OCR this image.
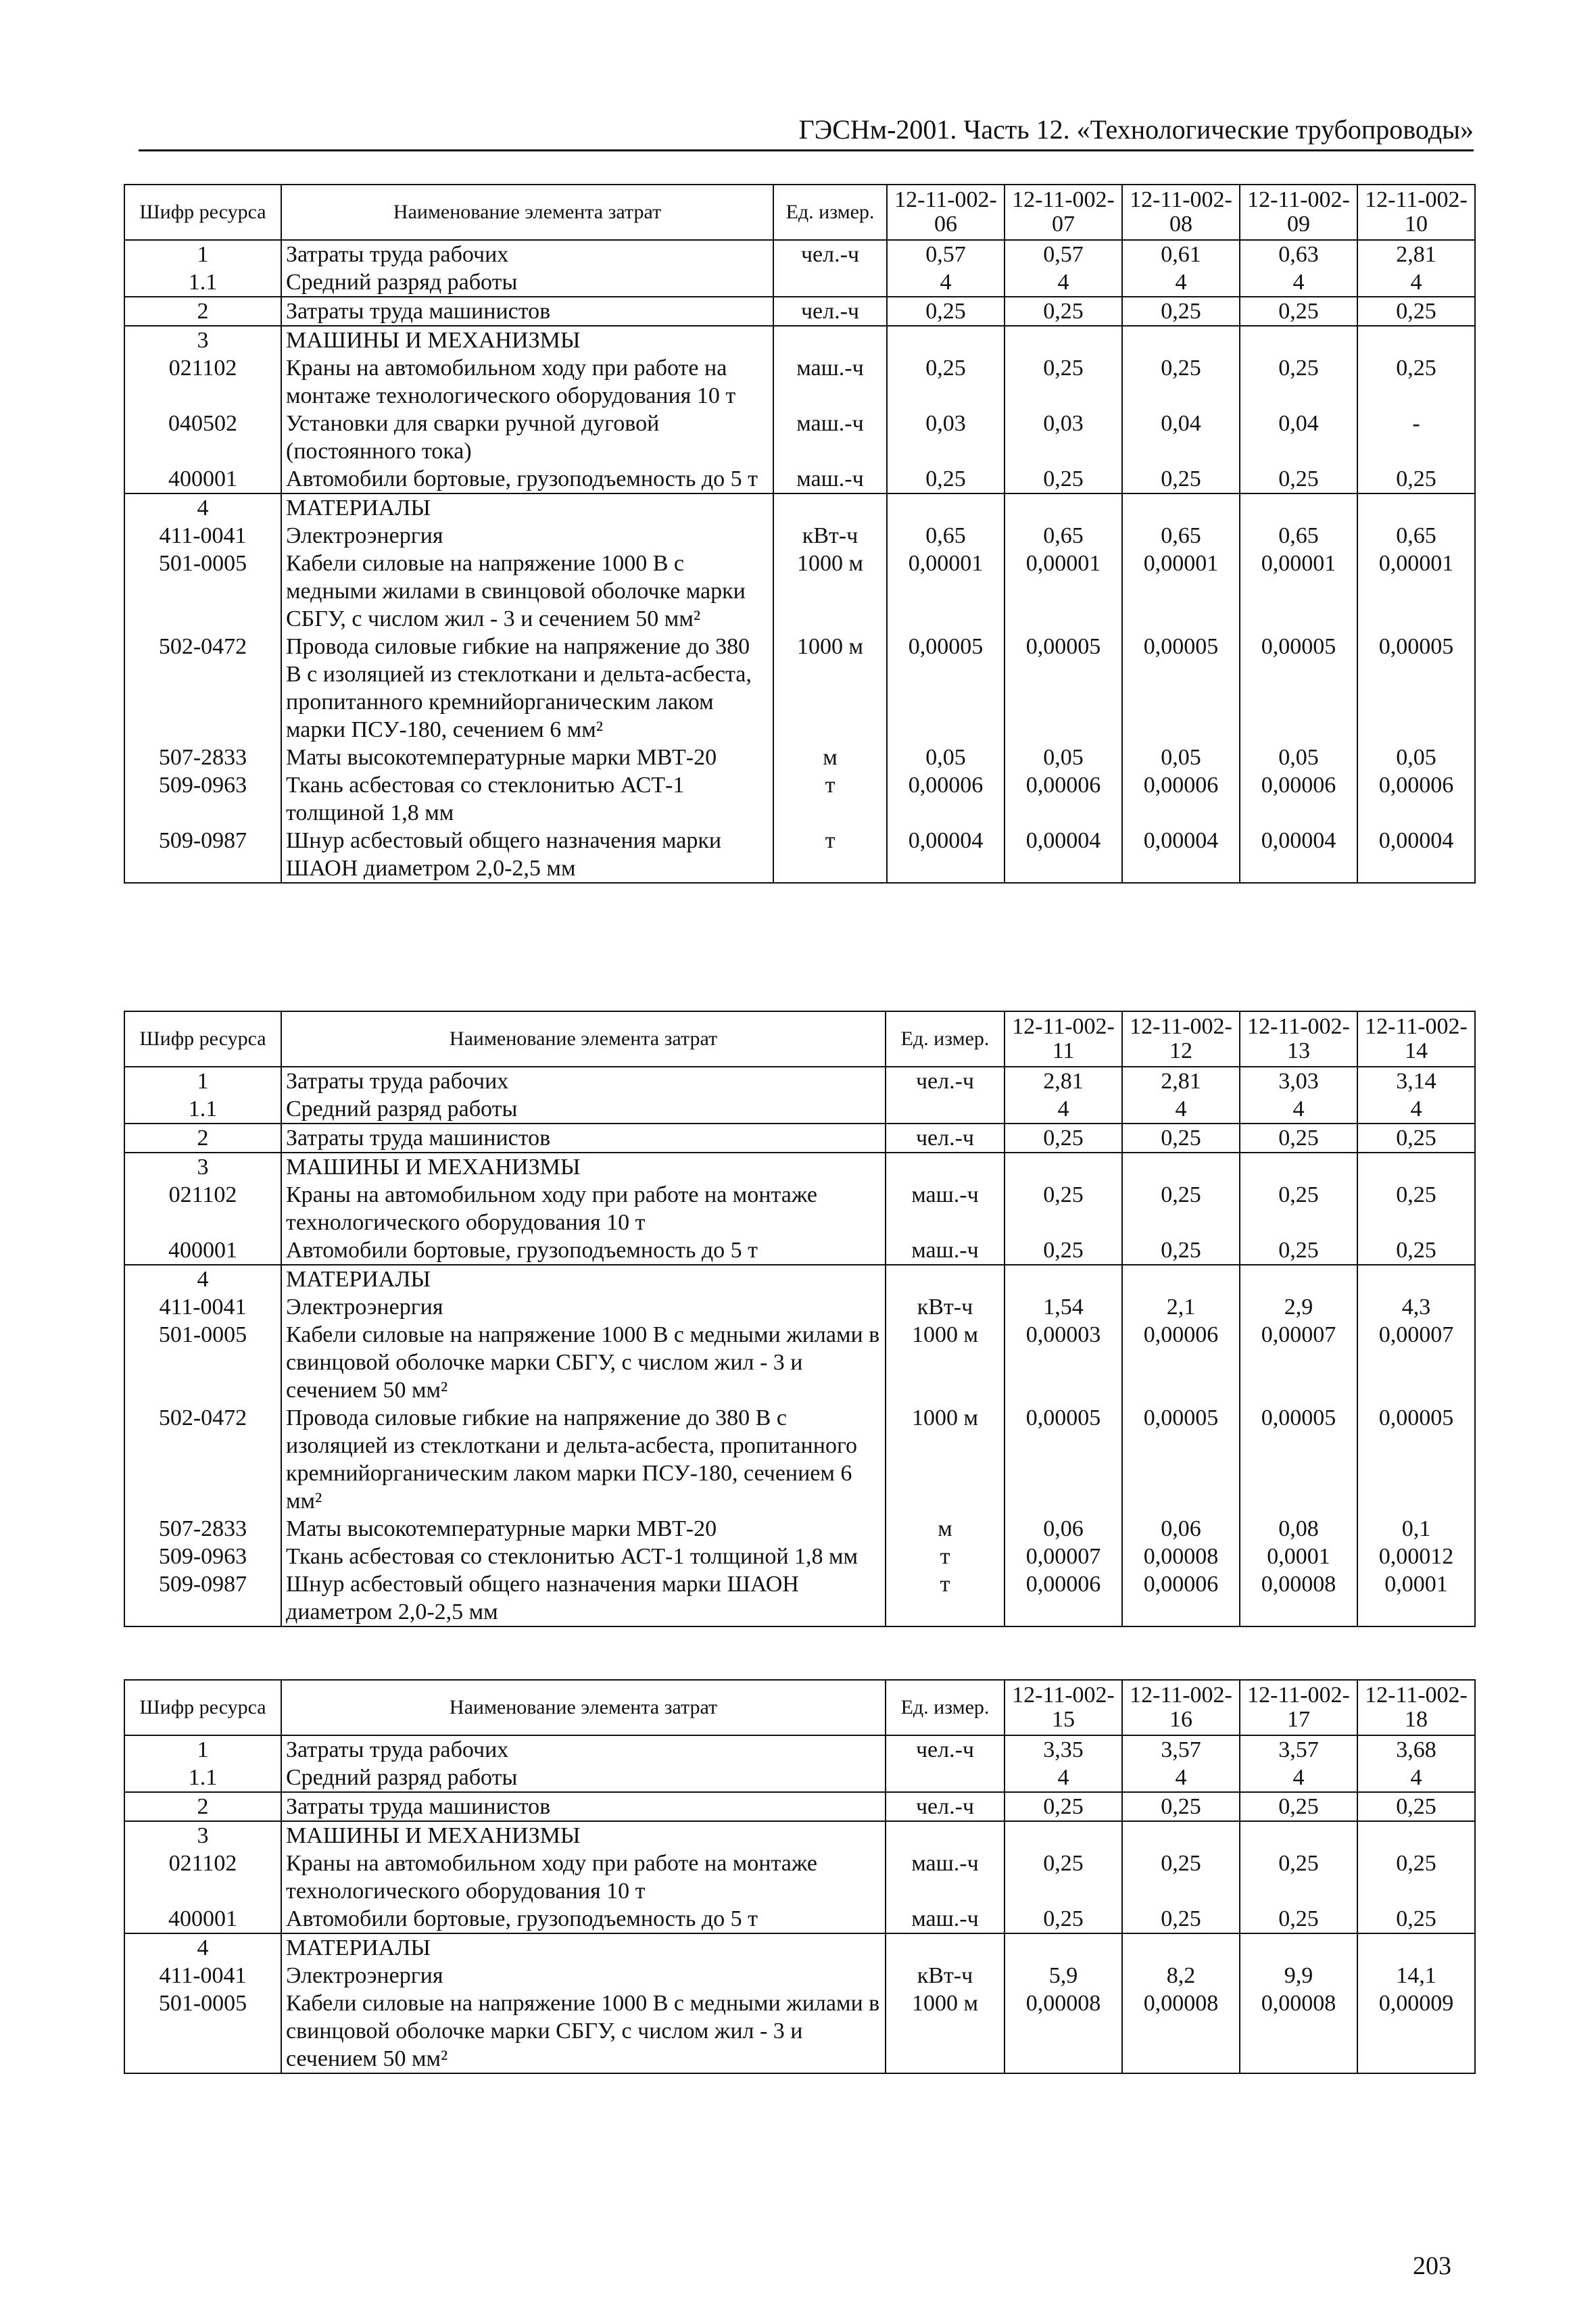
ГЭСНм-2001. Часть 12. «Технологические трубопроводы»
Шифр ресурса	Наименование элемента затрат	Ед. измер.	12-11-002-06	12-11-002-07	12-11-002-08	12-11-002-09	12-11-002-10
1	Затраты труда рабочих	чел.-ч	0,57	0,57	0,61	0,63	2,81
1.1	Средний разряд работы		4	4	4	4	4
2	Затраты труда машинистов	чел.-ч	0,25	0,25	0,25	0,25	0,25
3	МАШИНЫ И МЕХАНИЗМЫ						
021102	Краны на автомобильном ходу при работе на монтаже технологического оборудования 10 т	маш.-ч	0,25	0,25	0,25	0,25	0,25
040502	Установки для сварки ручной дуговой (постоянного тока)	маш.-ч	0,03	0,03	0,04	0,04	-
400001	Автомобили бортовые, грузоподъемность до 5 т	маш.-ч	0,25	0,25	0,25	0,25	0,25
4	МАТЕРИАЛЫ						
411-0041	Электроэнергия	кВт-ч	0,65	0,65	0,65	0,65	0,65
501-0005	Кабели силовые на напряжение 1000 В с медными жилами в свинцовой оболочке марки СБГУ, с числом жил - 3 и сечением 50 мм²	1000 м	0,00001	0,00001	0,00001	0,00001	0,00001
502-0472	Провода силовые гибкие на напряжение до 380 В с изоляцией из стеклоткани и дельта-асбеста, пропитанного кремнийорганическим лаком марки ПСУ-180, сечением 6 мм²	1000 м	0,00005	0,00005	0,00005	0,00005	0,00005
507-2833	Маты высокотемпературные марки МВТ-20	м	0,05	0,05	0,05	0,05	0,05
509-0963	Ткань асбестовая со стеклонитью АСТ-1 толщиной 1,8 мм	т	0,00006	0,00006	0,00006	0,00006	0,00006
509-0987	Шнур асбестовый общего назначения марки ШАОН диаметром 2,0-2,5 мм	т	0,00004	0,00004	0,00004	0,00004	0,00004
Шифр ресурса	Наименование элемента затрат	Ед. измер.	12-11-002-11	12-11-002-12	12-11-002-13	12-11-002-14
1	Затраты труда рабочих	чел.-ч	2,81	2,81	3,03	3,14
1.1	Средний разряд работы		4	4	4	4
2	Затраты труда машинистов	чел.-ч	0,25	0,25	0,25	0,25
3	МАШИНЫ И МЕХАНИЗМЫ					
021102	Краны на автомобильном ходу при работе на монтаже технологического оборудования 10 т	маш.-ч	0,25	0,25	0,25	0,25
400001	Автомобили бортовые, грузоподъемность до 5 т	маш.-ч	0,25	0,25	0,25	0,25
4	МАТЕРИАЛЫ					
411-0041	Электроэнергия	кВт-ч	1,54	2,1	2,9	4,3
501-0005	Кабели силовые на напряжение 1000 В с медными жилами в свинцовой оболочке марки СБГУ, с числом жил - 3 и сечением 50 мм²	1000 м	0,00003	0,00006	0,00007	0,00007
502-0472	Провода силовые гибкие на напряжение до 380 В с изоляцией из стеклоткани и дельта-асбеста, пропитанного кремнийорганическим лаком марки ПСУ-180, сечением 6 мм²	1000 м	0,00005	0,00005	0,00005	0,00005
507-2833	Маты высокотемпературные марки МВТ-20	м	0,06	0,06	0,08	0,1
509-0963	Ткань асбестовая со стеклонитью АСТ-1 толщиной 1,8 мм	т	0,00007	0,00008	0,0001	0,00012
509-0987	Шнур асбестовый общего назначения марки ШАОН диаметром 2,0-2,5 мм	т	0,00006	0,00006	0,00008	0,0001
Шифр ресурса	Наименование элемента затрат	Ед. измер.	12-11-002-15	12-11-002-16	12-11-002-17	12-11-002-18
1	Затраты труда рабочих	чел.-ч	3,35	3,57	3,57	3,68
1.1	Средний разряд работы		4	4	4	4
2	Затраты труда машинистов	чел.-ч	0,25	0,25	0,25	0,25
3	МАШИНЫ И МЕХАНИЗМЫ					
021102	Краны на автомобильном ходу при работе на монтаже технологического оборудования 10 т	маш.-ч	0,25	0,25	0,25	0,25
400001	Автомобили бортовые, грузоподъемность до 5 т	маш.-ч	0,25	0,25	0,25	0,25
4	МАТЕРИАЛЫ					
411-0041	Электроэнергия	кВт-ч	5,9	8,2	9,9	14,1
501-0005	Кабели силовые на напряжение 1000 В с медными жилами в свинцовой оболочке марки СБГУ, с числом жил - 3 и сечением 50 мм²	1000 м	0,00008	0,00008	0,00008	0,00009
203
